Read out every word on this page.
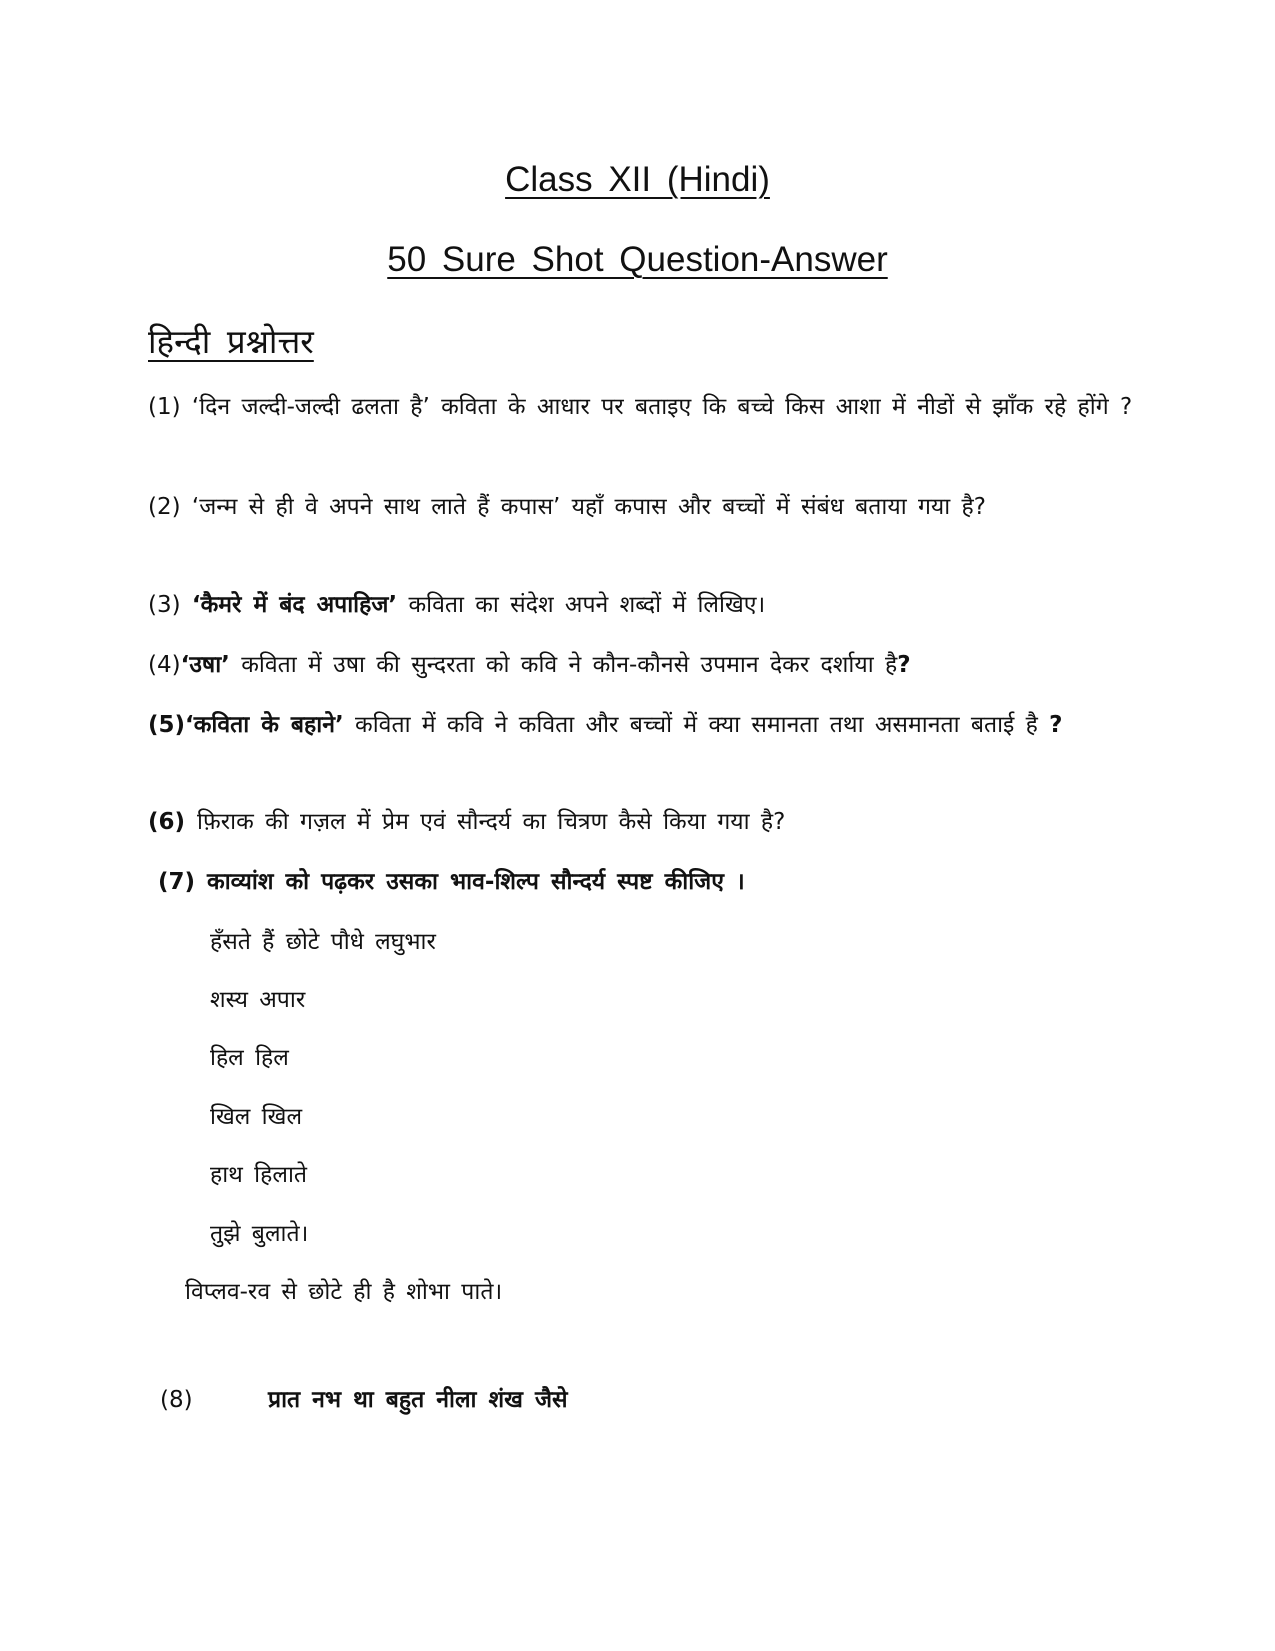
Class XII (Hindi)
50 Sure Shot Question-Answer
हिन्दी प्रश्नोत्तर
(1) ‘दिन जल्दी-जल्दी ढलता है’ कविता के आधार पर बताइए कि बच्चे किस आशा में नीडों से झाँक रहे होंगे ?
(2) ‘जन्म से ही वे अपने साथ लाते हैं कपास’ यहाँ कपास और बच्चों में संबंध बताया गया है?
(3) ‘कैमरे में बंद अपाहिज’ कविता का संदेश अपने शब्दों में लिखिए।
(4)‘उषा’ कविता में उषा की सुन्दरता को कवि ने कौन-कौनसे उपमान देकर दर्शाया है?
(5)‘कविता के बहाने’ कविता में कवि ने कविता और बच्चों में क्या समानता तथा असमानता बताई है ?
(6) फ़िराक की गज़ल में प्रेम एवं सौन्दर्य का चित्रण कैसे किया गया है?
(7) काव्यांश को पढ़कर उसका भाव-शिल्प सौन्दर्य स्पष्ट कीजिए ।
हँसते हैं छोटे पौधे लघुभार
शस्य अपार
हिल हिल
खिल खिल
हाथ हिलाते
तुझे बुलाते।
विप्लव-रव से छोटे ही है शोभा पाते।
(8)	प्रात नभ था बहुत नीला शंख जैसे
